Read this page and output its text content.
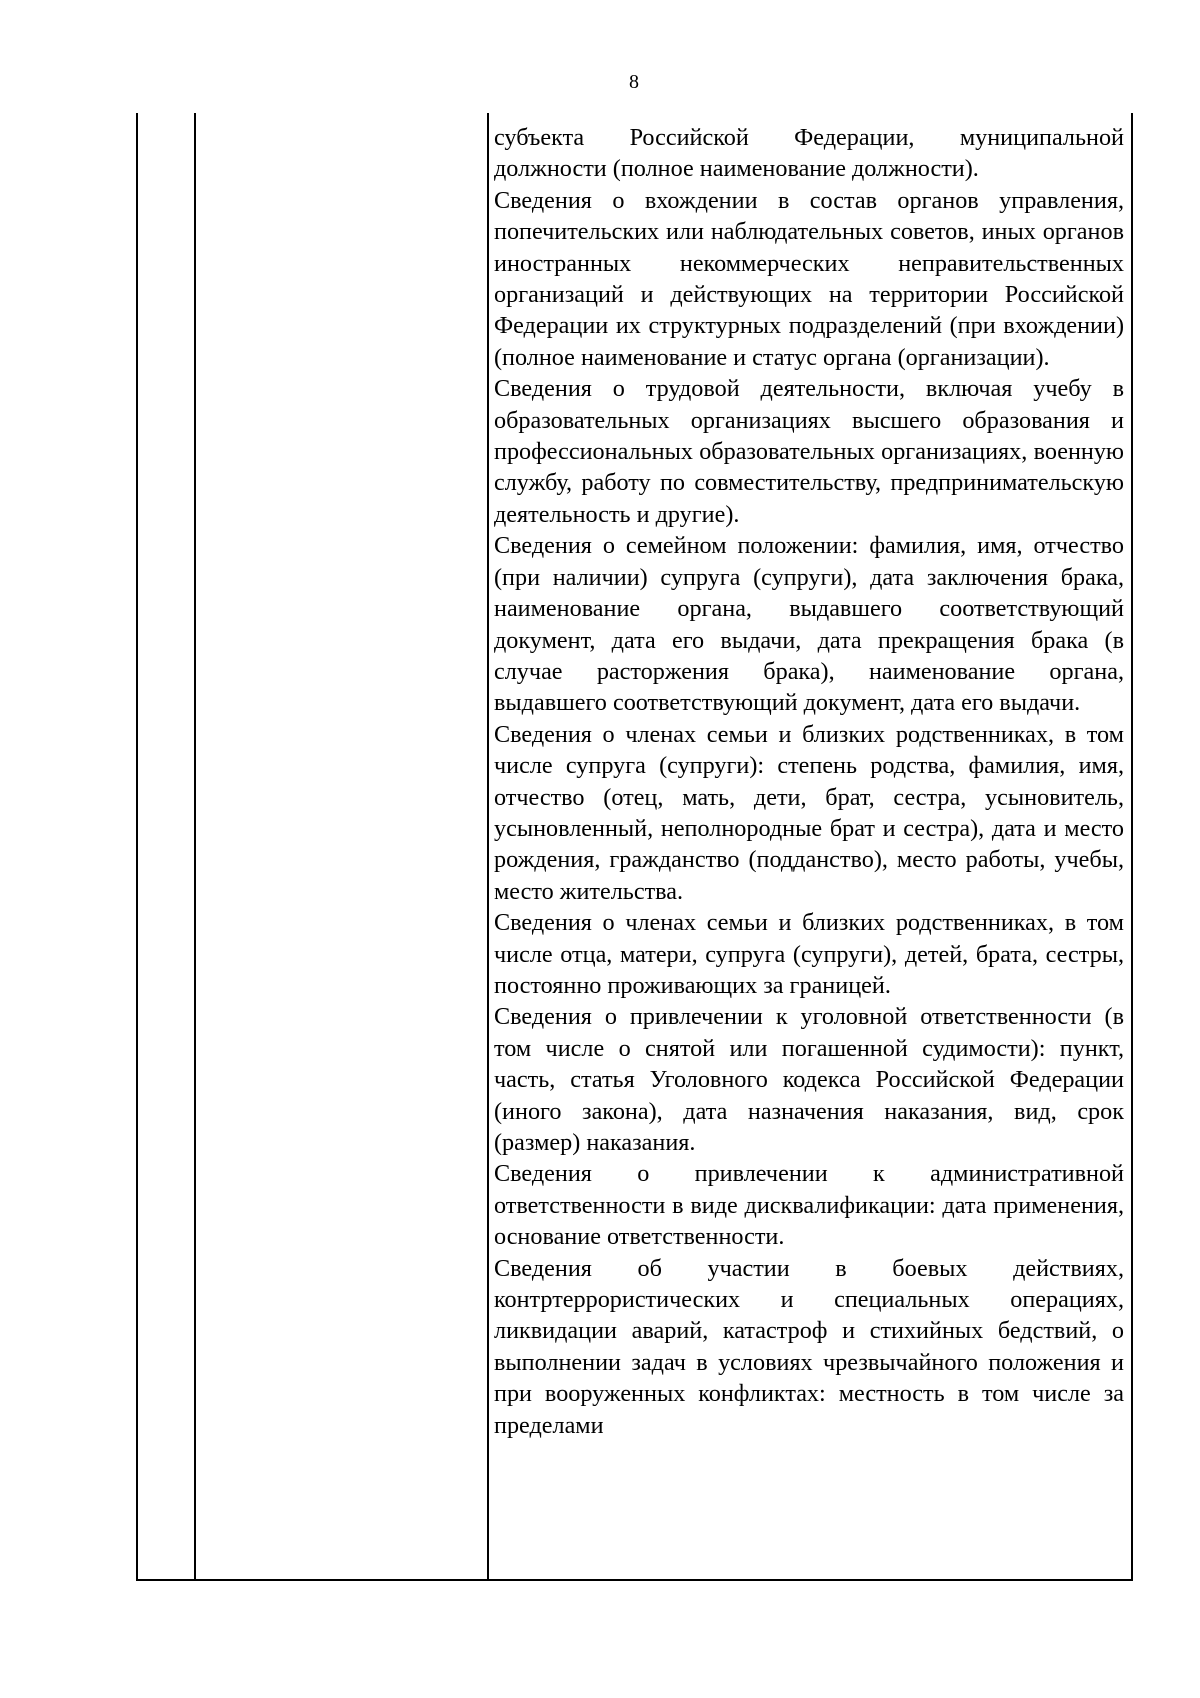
8

субъекта Российской Федерации, муниципальной должности (полное наименование должности).

Сведения о вхождении в состав органов управления, попечительских или наблюдательных советов, иных органов иностранных некоммерческих неправительственных организаций и действующих на территории Российской Федерации их структурных подразделений (при вхождении) (полное наименование и статус органа (организации).

Сведения о трудовой деятельности, включая учебу в образовательных организациях высшего образования и профессиональных образовательных организациях, военную службу, работу по совместительству, предпринимательскую деятельность и другие).

Сведения о семейном положении: фамилия, имя, отчество (при наличии) супруга (супруги), дата заключения брака, наименование органа, выдавшего соответствующий документ, дата его выдачи, дата прекращения брака (в случае расторжения брака), наименование органа, выдавшего соответствующий документ, дата его выдачи.

Сведения о членах семьи и близких родственниках, в том числе супруга (супруги): степень родства, фамилия, имя, отчество (отец, мать, дети, брат, сестра, усыновитель, усыновленный, неполнородные брат и сестра), дата и место рождения, гражданство (подданство), место работы, учебы, место жительства.

Сведения о членах семьи и близких родственниках, в том числе отца, матери, супруга (супруги), детей, брата, сестры, постоянно проживающих за границей.

Сведения о привлечении к уголовной ответственности (в том числе о снятой или погашенной судимости): пункт, часть, статья Уголовного кодекса Российской Федерации (иного закона), дата назначения наказания, вид, срок (размер) наказания.

Сведения о привлечении к административной ответственности в виде дисквалификации: дата применения, основание ответственности.

Сведения об участии в боевых действиях, контртеррористических и специальных операциях, ликвидации аварий, катастроф и стихийных бедствий, о выполнении задач в условиях чрезвычайного положения и при вооруженных конфликтах: местность в том числе за пределами
